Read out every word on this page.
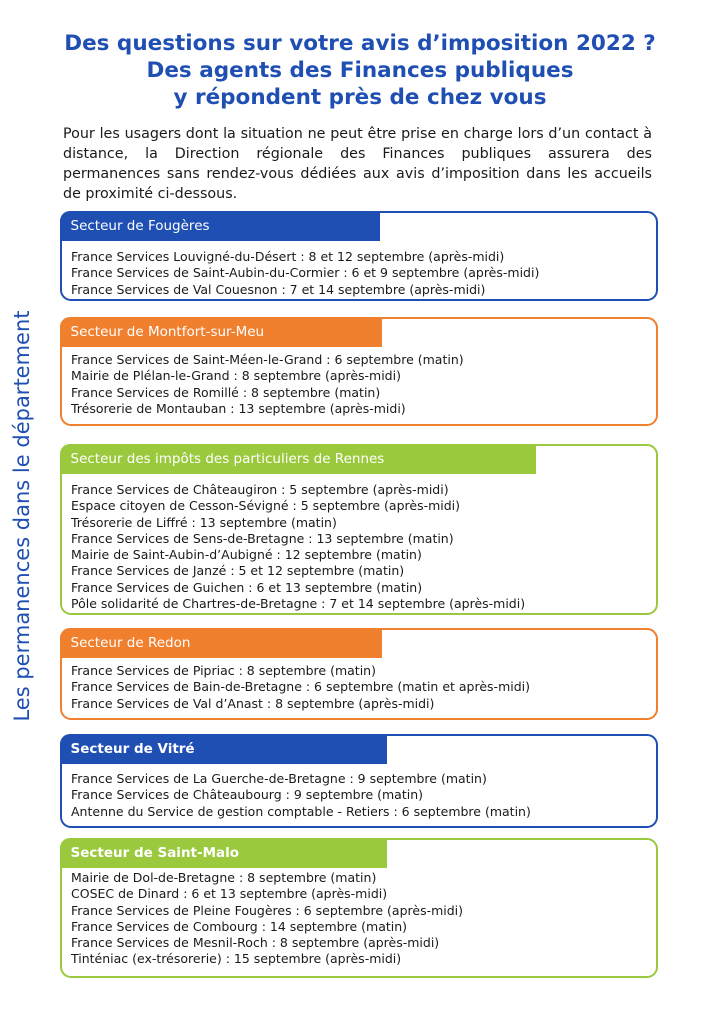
Des questions sur votre avis d’imposition 2022 ?
Des agents des Finances publiques
y répondent près de chez vous

Pour les usagers dont la situation ne peut être prise en charge lors d’un contact à distance, la Direction régionale des Finances publiques assurera des permanences sans rendez-vous dédiées aux avis d’imposition dans les accueils de proximité ci-dessous.

Les permanences dans le département
Secteur de Fougères
France Services Louvigné-du-Désert : 8 et 12 septembre (après-midi)
France Services de Saint-Aubin-du-Cormier : 6 et 9 septembre (après-midi)
France Services de Val Couesnon : 7 et 14 septembre (après-midi)
Secteur de Montfort-sur-Meu
France Services de Saint-Méen-le-Grand : 6 septembre (matin)
Mairie de Plélan-le-Grand : 8 septembre (après-midi)
France Services de Romillé : 8 septembre (matin)
Trésorerie de Montauban : 13 septembre (après-midi)
Secteur des impôts des particuliers de Rennes
France Services de Châteaugiron : 5 septembre (après-midi)
Espace citoyen de Cesson-Sévigné : 5 septembre (après-midi)
Trésorerie de Liffré : 13 septembre (matin)
France Services de Sens-de-Bretagne : 13 septembre (matin)
Mairie de Saint-Aubin-d’Aubigné : 12 septembre (matin)
France Services de Janzé : 5 et 12 septembre (matin)
France Services de Guichen : 6 et 13 septembre (matin)
Pôle solidarité de Chartres-de-Bretagne : 7 et 14 septembre (après-midi)
Secteur de Redon
France Services de Pipriac : 8 septembre (matin)
France Services de Bain-de-Bretagne : 6 septembre (matin et après-midi)
France Services de Val d’Anast : 8 septembre (après-midi)
Secteur de Vitré
France Services de La Guerche-de-Bretagne : 9 septembre (matin)
France Services de Châteaubourg : 9 septembre (matin)
Antenne du Service de gestion comptable - Retiers : 6 septembre (matin)
Secteur de Saint-Malo
Mairie de Dol-de-Bretagne : 8 septembre (matin)
COSEC de Dinard : 6 et 13 septembre (après-midi)
France Services de Pleine Fougères : 6 septembre (après-midi)
France Services de Combourg : 14 septembre (matin)
France Services de Mesnil-Roch : 8 septembre (après-midi)
Tinténiac (ex-trésorerie) : 15 septembre (après-midi)
